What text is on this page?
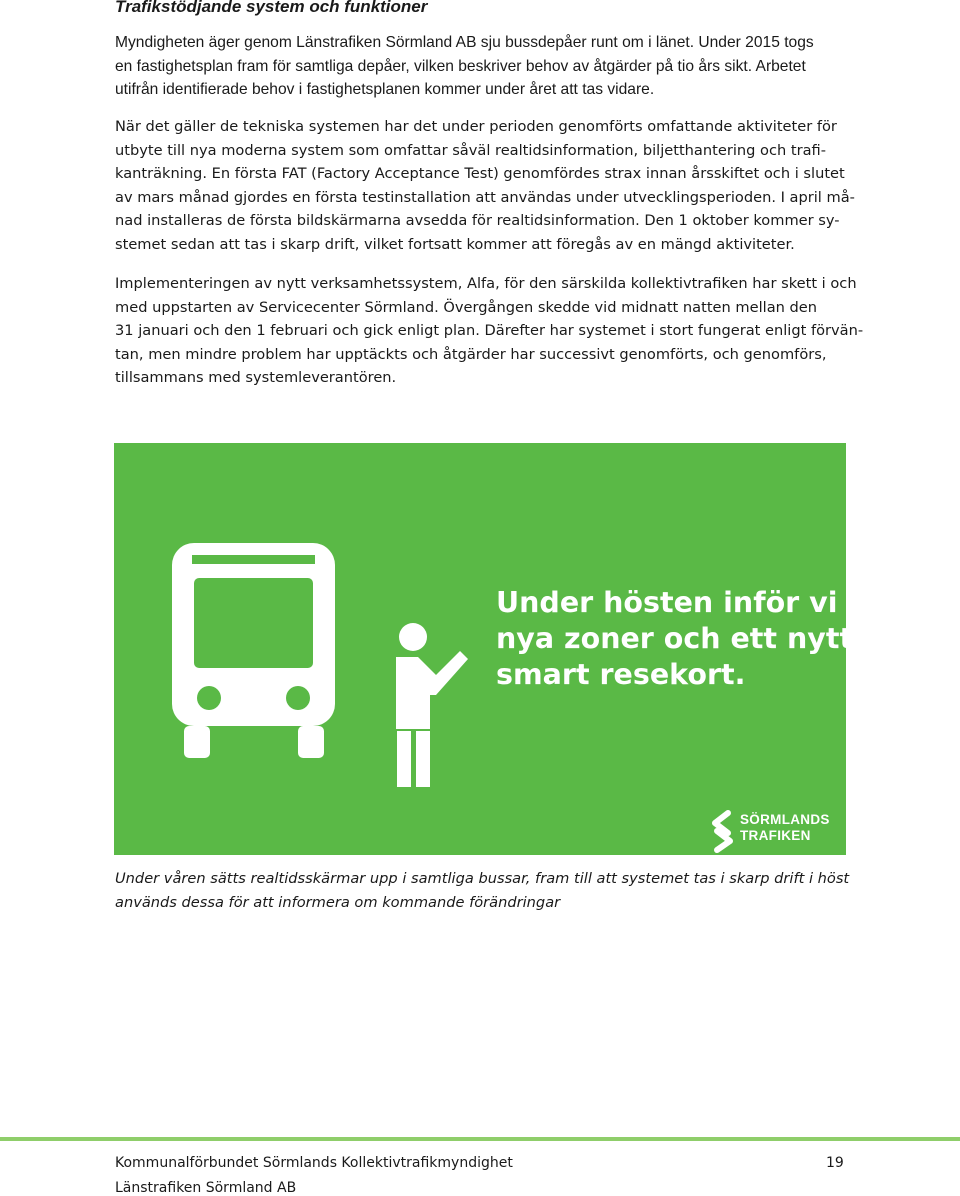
Trafikstödjande system och funktioner

Myndigheten äger genom Länstrafiken Sörmland AB sju bussdepåer runt om i länet. Under 2015 togs
en fastighetsplan fram för samtliga depåer, vilken beskriver behov av åtgärder på tio års sikt. Arbetet
utifrån identifierade behov i fastighetsplanen kommer under året att tas vidare.

När det gäller de tekniska systemen har det under perioden genomförts omfattande aktiviteter för
utbyte till nya moderna system som omfattar såväl realtidsinformation, biljetthantering och trafi-
kanträkning. En första FAT (Factory Acceptance Test) genomfördes strax innan årsskiftet och i slutet
av mars månad gjordes en första testinstallation att användas under utvecklingsperioden. I april må-
nad installeras de första bildskärmarna avsedda för realtidsinformation. Den 1 oktober kommer sy-
stemet sedan att tas i skarp drift, vilket fortsatt kommer att föregås av en mängd aktiviteter.

Implementeringen av nytt verksamhetssystem, Alfa, för den särskilda kollektivtrafiken har skett i och
med uppstarten av Servicecenter Sörmland. Övergången skedde vid midnatt natten mellan den
31 januari och den 1 februari och gick enligt plan. Därefter har systemet i stort fungerat enligt förvän-
tan, men mindre problem har upptäckts och åtgärder har successivt genomförts, och genomförs,
tillsammans med systemleverantören.

Under hösten inför vi
nya zoner och ett nytt
smart resekort.

SÖRMLANDS
TRAFIKEN

Under våren sätts realtidsskärmar upp i samtliga bussar, fram till att systemet tas i skarp drift i höst
används dessa för att informera om kommande förändringar

Kommunalförbundet Sörmlands Kollektivtrafikmyndighet
Länstrafiken Sörmland AB
19
